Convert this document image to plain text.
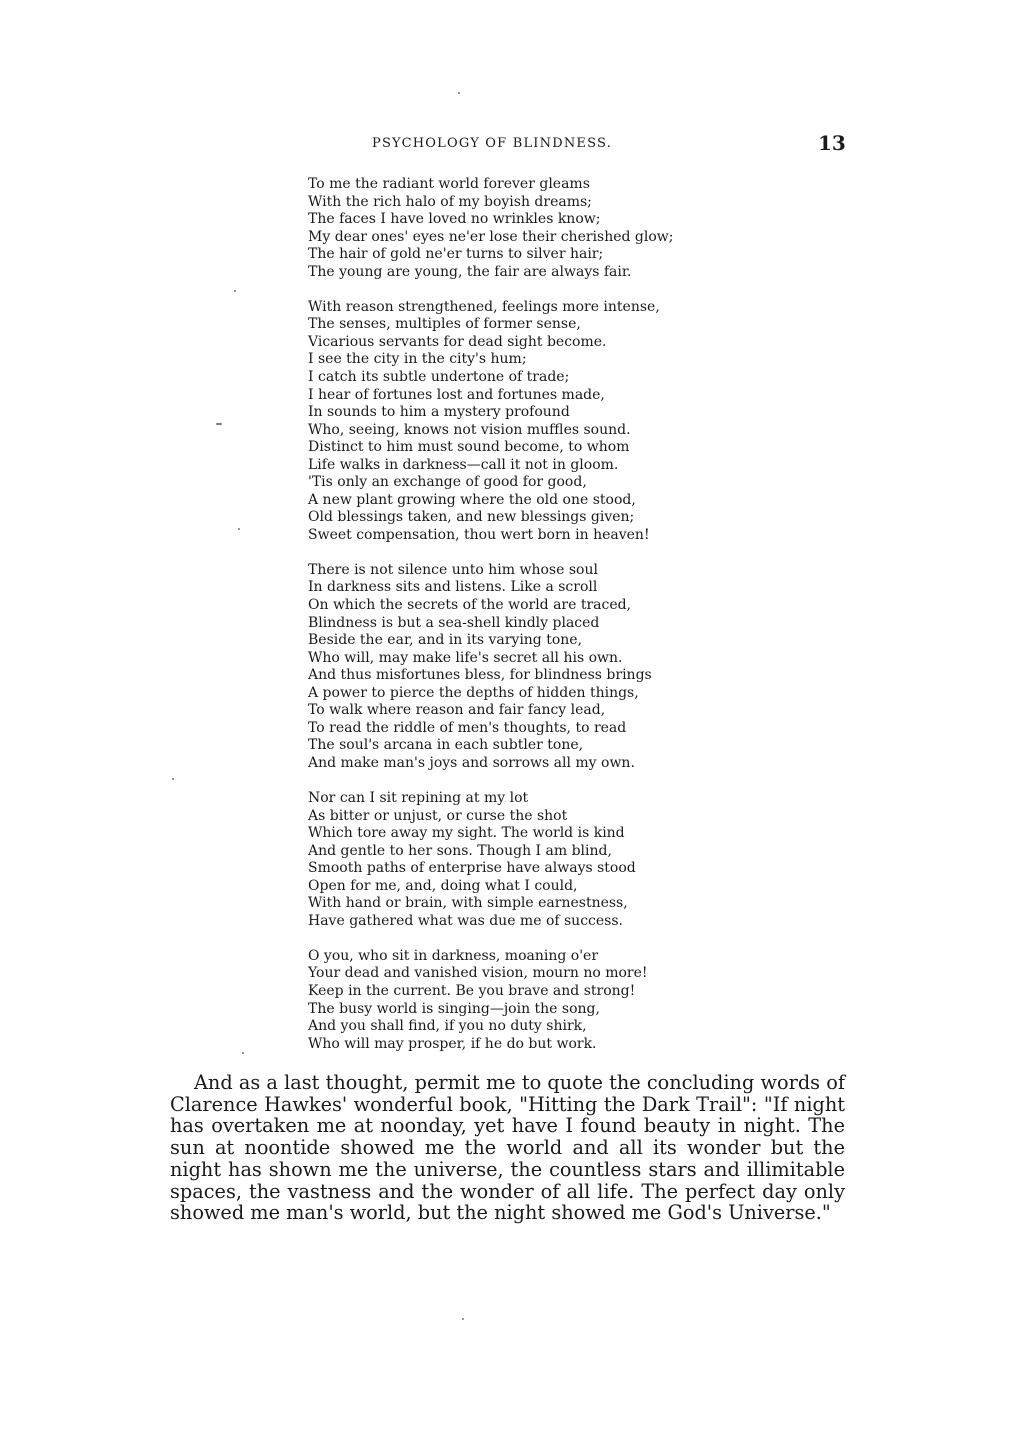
PSYCHOLOGY OF BLINDNESS.	13
To me the radiant world forever gleams
With the rich halo of my boyish dreams;
The faces I have loved no wrinkles know;
My dear ones' eyes ne'er lose their cherished glow;
The hair of gold ne'er turns to silver hair;
The young are young, the fair are always fair.
With reason strengthened, feelings more intense,
The senses, multiples of former sense,
Vicarious servants for dead sight become.
I see the city in the city's hum;
I catch its subtle undertone of trade;
I hear of fortunes lost and fortunes made,
In sounds to him a mystery profound
Who, seeing, knows not vision muffles sound.
Distinct to him must sound become, to whom
Life walks in darkness—call it not in gloom.
'Tis only an exchange of good for good,
A new plant growing where the old one stood,
Old blessings taken, and new blessings given;
Sweet compensation, thou wert born in heaven!
There is not silence unto him whose soul
In darkness sits and listens. Like a scroll
On which the secrets of the world are traced,
Blindness is but a sea-shell kindly placed
Beside the ear, and in its varying tone,
Who will, may make life's secret all his own.
And thus misfortunes bless, for blindness brings
A power to pierce the depths of hidden things,
To walk where reason and fair fancy lead,
To read the riddle of men's thoughts, to read
The soul's arcana in each subtler tone,
And make man's joys and sorrows all my own.
Nor can I sit repining at my lot
As bitter or unjust, or curse the shot
Which tore away my sight. The world is kind
And gentle to her sons. Though I am blind,
Smooth paths of enterprise have always stood
Open for me, and, doing what I could,
With hand or brain, with simple earnestness,
Have gathered what was due me of success.
O you, who sit in darkness, moaning o'er
Your dead and vanished vision, mourn no more!
Keep in the current. Be you brave and strong!
The busy world is singing—join the song,
And you shall find, if you no duty shirk,
Who will may prosper, if he do but work.

And as a last thought, permit me to quote the concluding words of Clarence Hawkes' wonderful book, "Hitting the Dark Trail": "If night has overtaken me at noonday, yet have I found beauty in night. The sun at noontide showed me the world and all its wonder but the night has shown me the universe, the countless stars and illimitable spaces, the vastness and the wonder of all life. The perfect day only showed me man's world, but the night showed me God's Universe."
